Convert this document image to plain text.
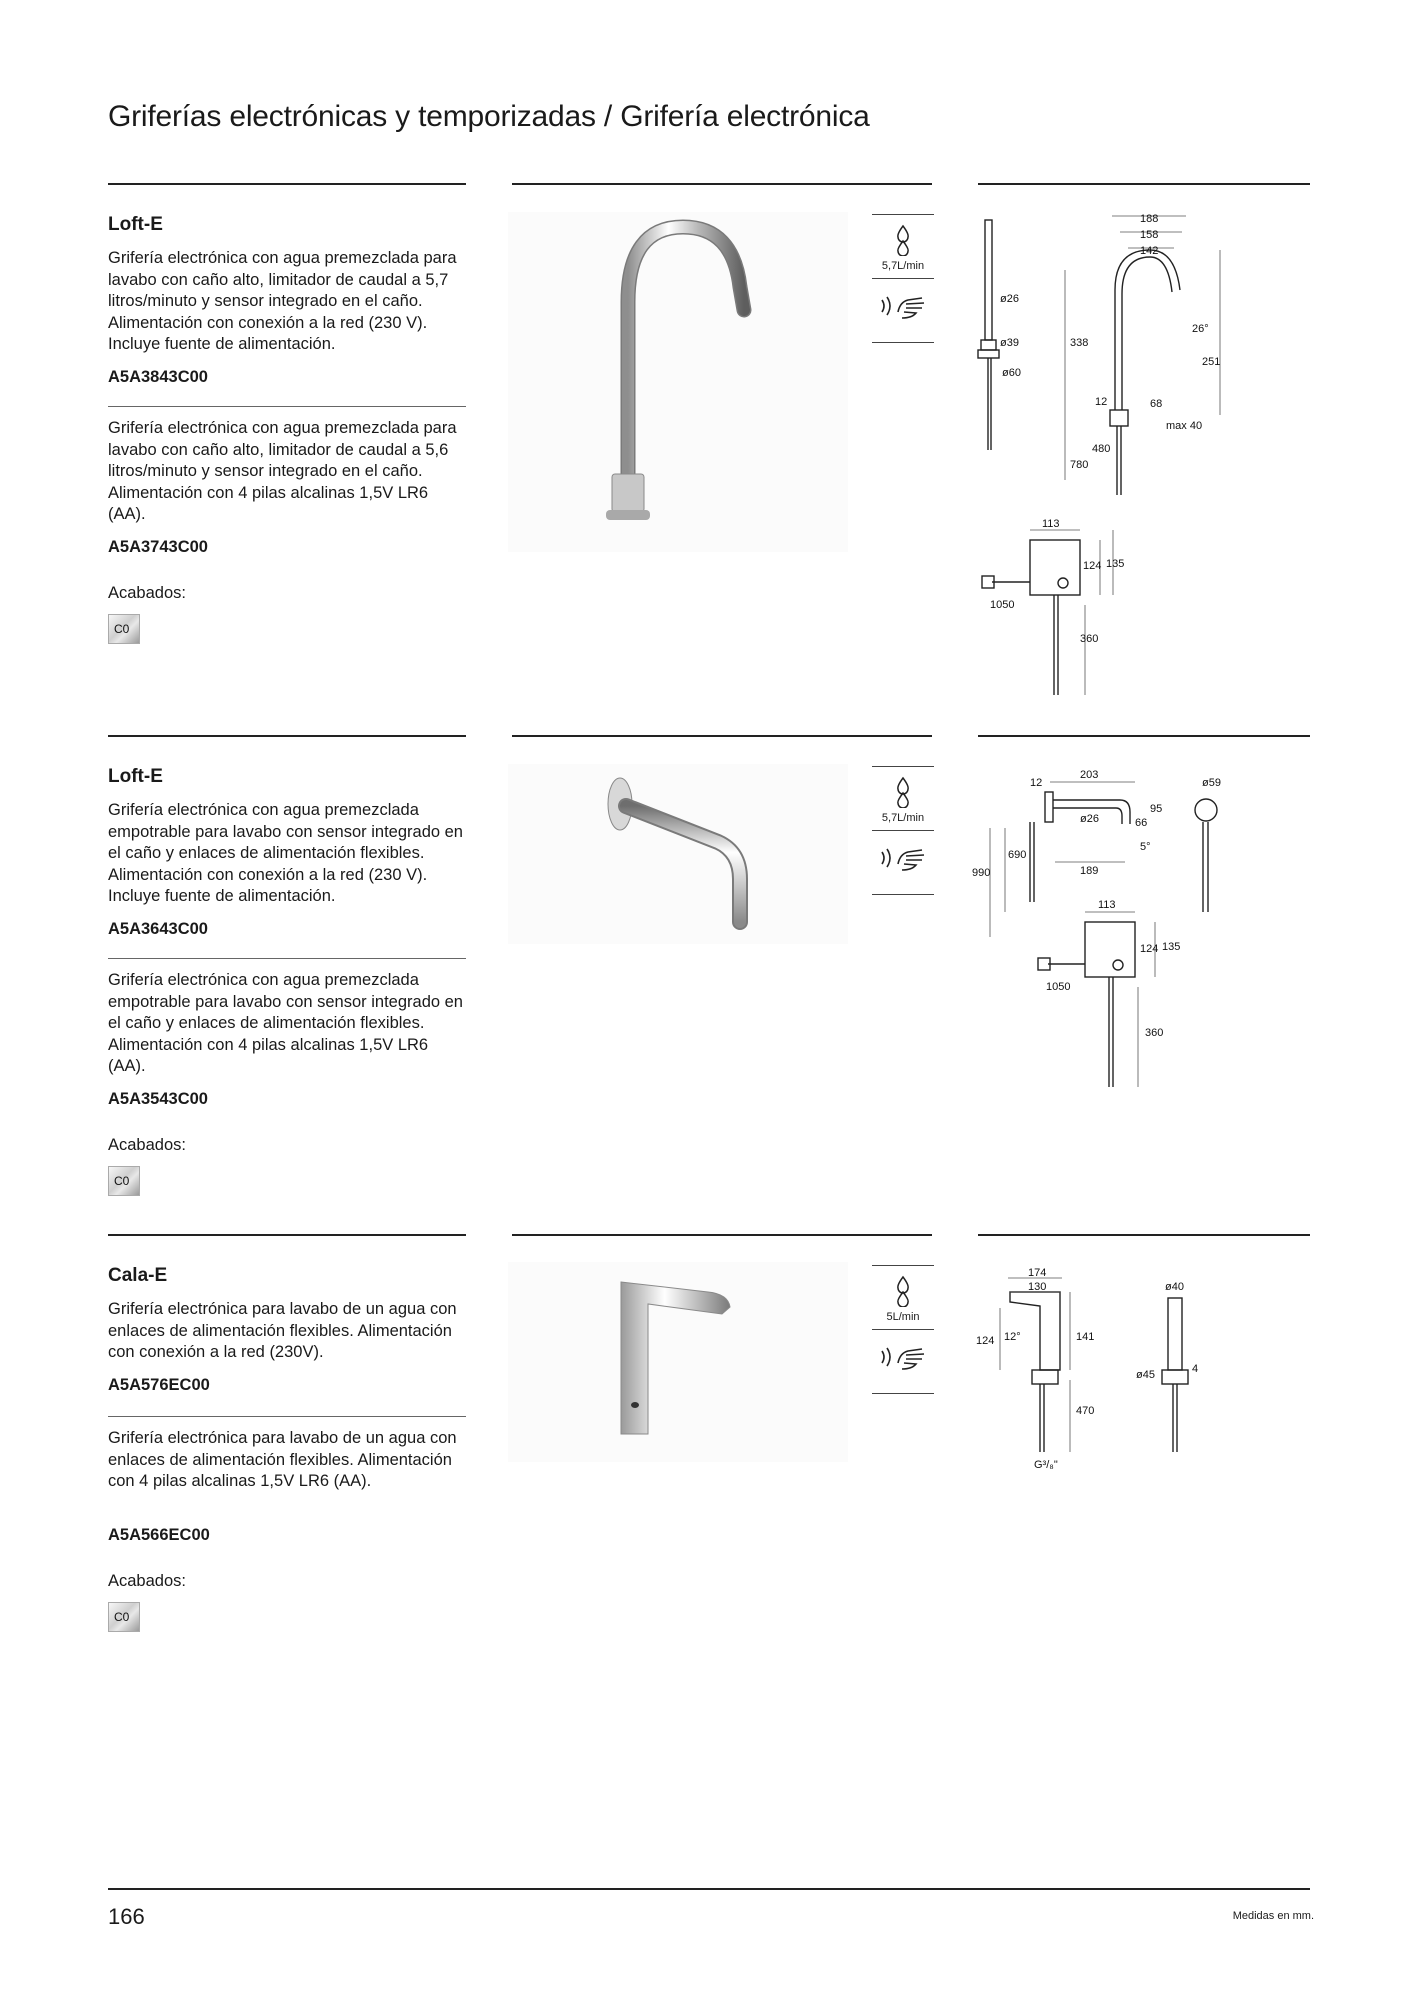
Griferías electrónicas y temporizadas / Grifería electrónica
Loft-E

Grifería electrónica con agua premezclada para lavabo con caño alto, limitador de caudal a 5,7 litros/minuto y sensor integrado en el caño. Alimentación con conexión a la red (230 V). Incluye fuente de alimentación.

A5A3843C00

Grifería electrónica con agua premezclada para lavabo con caño alto, limitador de caudal a 5,6 litros/minuto y sensor integrado en el caño. Alimentación con 4 pilas alcalinas 1,5V LR6 (AA).

A5A3743C00

Acabados:

C0
5,7L/min
188
158
142
ø26
ø39
ø60
338
26°
251
12	68
max 40
480
780
113
124 135
1050
360
Loft-E

Grifería electrónica con agua premezclada empotrable para lavabo con sensor integrado en el caño y enlaces de alimentación flexibles. Alimentación con conexión a la red (230 V). Incluye fuente de alimentación.

A5A3643C00

Grifería electrónica con agua premezclada empotrable para lavabo con sensor integrado en el caño y enlaces de alimentación flexibles. Alimentación con 4 pilas alcalinas 1,5V LR6 (AA).

A5A3543C00

Acabados:

C0
5,7L/min
12
203
ø59
ø26	66
95
690
990	189
5°
113
124 135
1050
360
Cala-E

Grifería electrónica para lavabo de un agua con enlaces de alimentación flexibles. Alimentación con conexión a la red (230V).

A5A576EC00

Grifería electrónica para lavabo de un agua con enlaces de alimentación flexibles. Alimentación con 4 pilas alcalinas 1,5V LR6 (AA).

A5A566EC00

Acabados:

C0
5L/min
174
130
124 12°	141
ø40
ø45	4
470
G³/₈"

166	Medidas en mm.
